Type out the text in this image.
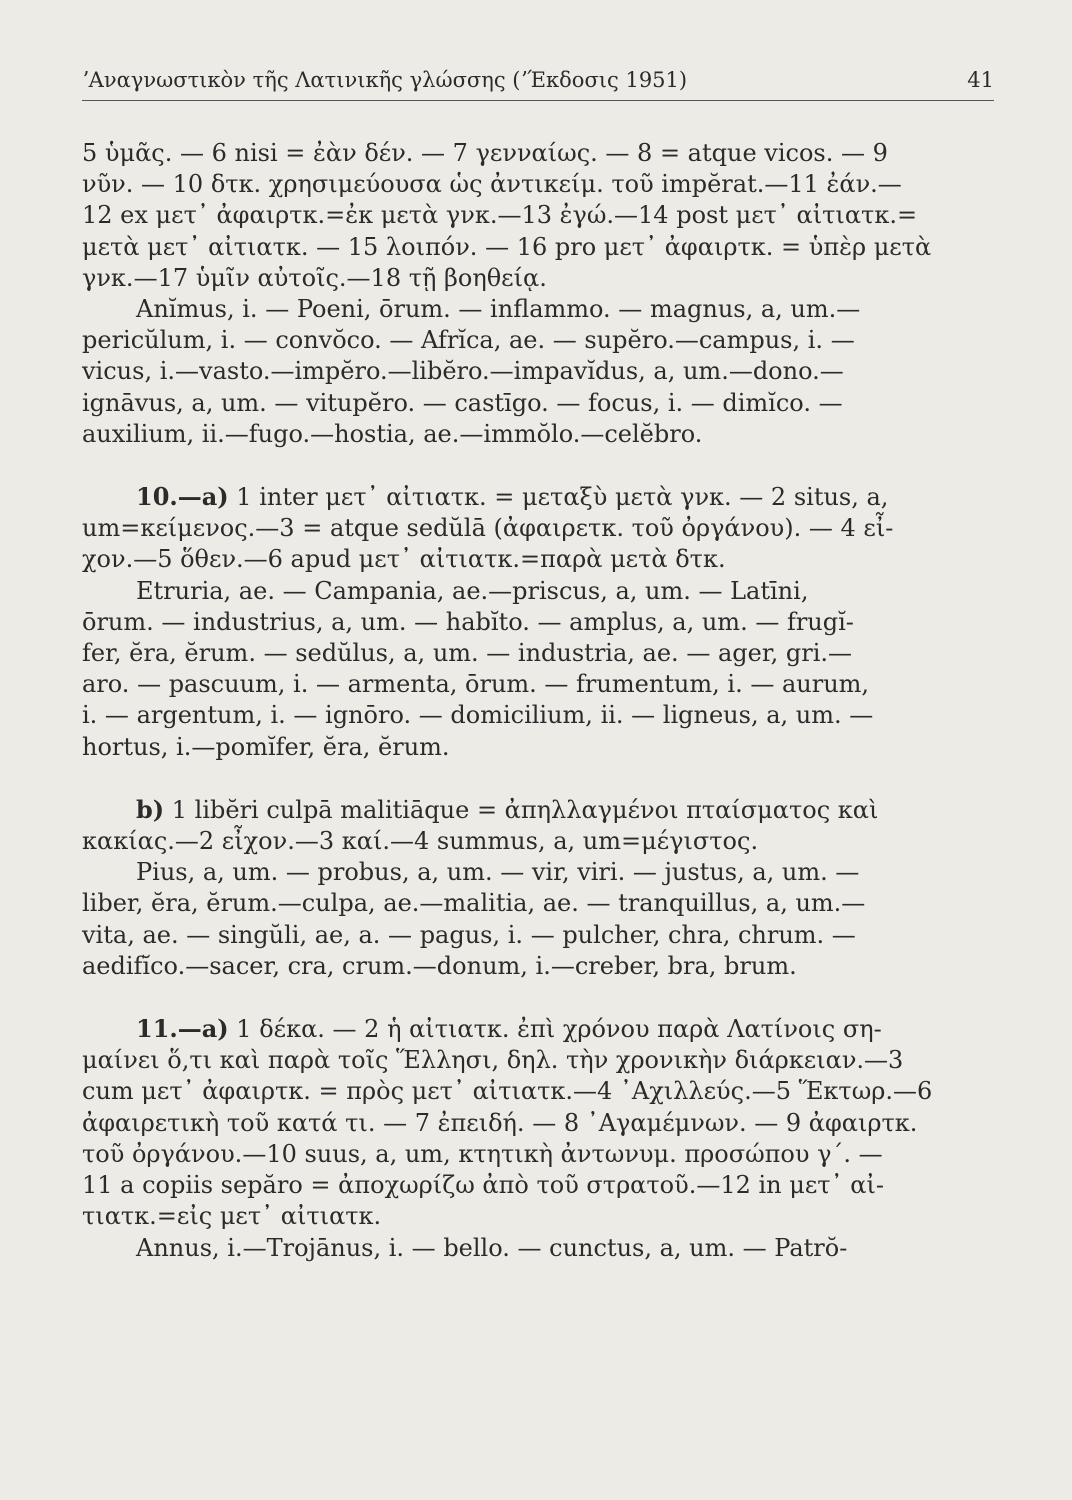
ʼΑναγνωστικὸν τῆς Λατινικῆς γλώσσης (ʼΈκδοσις 1951)	41

5 ὑμᾶς. — 6 nisi = ἐὰν δέν. — 7 γενναίως. — 8 = atque vicos. — 9
νῦν. — 10 δτκ. χρησιμεύουσα ὡς ἀντικείμ. τοῦ impĕrat.—11 ἐάν.—
12 ex μετ᾿ ἀφαιρτκ.=ἐκ μετὰ γνκ.—13 ἐγώ.—14 post μετ᾿ αἰτιατκ.=
μετὰ μετ᾿ αἰτιατκ. — 15 λοιπόν. — 16 pro μετ᾿ ἀφαιρτκ. = ὑπὲρ μετὰ
γνκ.—17 ὑμῖν αὐτοῖς.—18 τῇ βοηθείᾳ.

Anĭmus, i. — Poeni, ōrum. — inflammo. — magnus, a, um.—
pericŭlum, i. — convŏco. — Afrĭca, ae. — supĕro.—campus, i. —
vicus, i.—vasto.—impĕro.—libĕro.—impavĭdus, a, um.—dono.—
ignāvus, a, um. — vitupĕro. — castīgo. — focus, i. — dimĭco. —
auxilium, ii.—fugo.—hostia, ae.—immŏlo.—celĕbro.

10.—a) 1 inter μετ᾿ αἰτιατκ. = μεταξὺ μετὰ γνκ. — 2 situs, a,
um=κείμενος.—3 = atque sedŭlā (ἀφαιρετκ. τοῦ ὀργάνου). — 4 εἶ-
χον.—5 ὅθεν.—6 apud μετ᾿ αἰτιατκ.=παρὰ μετὰ δτκ.

Etruria, ae. — Campania, ae.—priscus, a, um. — Latīni,
ōrum. — industrius, a, um. — habĭto. — amplus, a, um. — frugĭ-
fer, ĕra, ĕrum. — sedŭlus, a, um. — industria, ae. — ager, gri.—
aro. — pascuum, i. — armenta, ōrum. — frumentum, i. — aurum,
i. — argentum, i. — ignōro. — domicilium, ii. — ligneus, a, um. —
hortus, i.—pomĭfer, ĕra, ĕrum.

b) 1 libĕri culpā malitiāque = ἀπηλλαγμένοι πταίσματος καὶ
κακίας.—2 εἶχον.—3 καί.—4 summus, a, um=μέγιστος.

Pius, a, um. — probus, a, um. — vir, viri. — justus, a, um. —
liber, ĕra, ĕrum.—culpa, ae.—malitia, ae. — tranquillus, a, um.—
vita, ae. — singŭli, ae, a. — pagus, i. — pulcher, chra, chrum. —
aedifĭco.—sacer, cra, crum.—donum, i.—creber, bra, brum.

11.—a) 1 δέκα. — 2 ἡ αἰτιατκ. ἐπὶ χρόνου παρὰ Λατίνοις ση-
μαίνει ὅ,τι καὶ παρὰ τοῖς Ἕλλησι, δηλ. τὴν χρονικὴν διάρκειαν.—3
cum μετ᾿ ἀφαιρτκ. = πρὸς μετ᾿ αἰτιατκ.—4 ᾿Αχιλλεύς.—5 Ἕκτωρ.—6
ἀφαιρετικὴ τοῦ κατά τι. — 7 ἐπειδή. — 8 ᾿Αγαμέμνων. — 9 ἀφαιρτκ.
τοῦ ὀργάνου.—10 suus, a, um, κτητικὴ ἀντωνυμ. προσώπου γ΄. —
11 a copiis sepăro = ἀποχωρίζω ἀπὸ τοῦ στρατοῦ.—12 in μετ᾿ αἰ-
τιατκ.=εἰς μετ᾿ αἰτιατκ.

Annus, i.—Trojānus, i. — bello. — cunctus, a, um. — Patrŏ-
